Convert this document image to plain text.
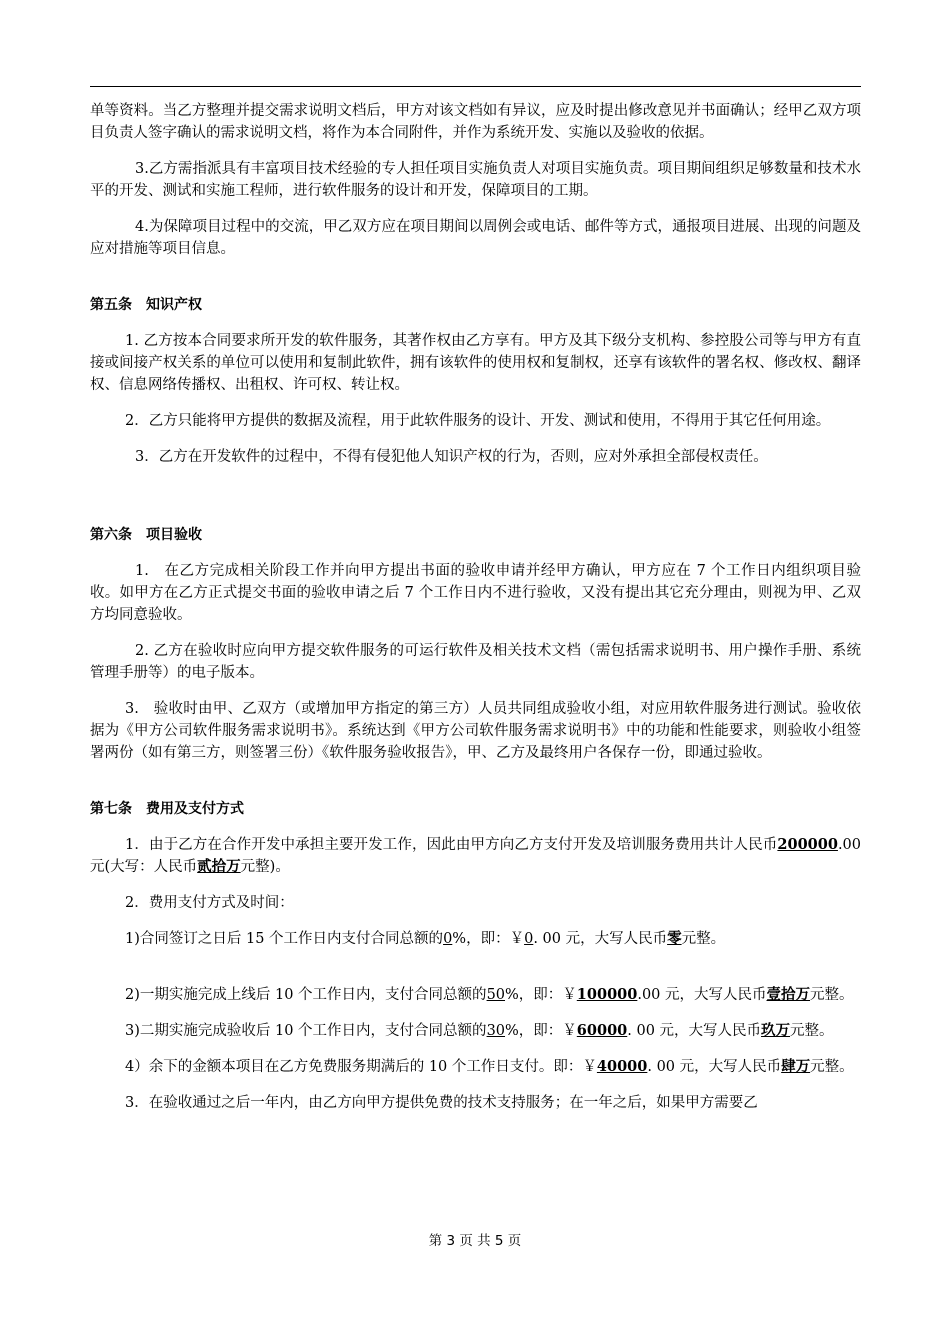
单等资料。当乙方整理并提交需求说明文档后，甲方对该文档如有异议，应及时提出修改意见并书面确认；经甲乙双方项目负责人签字确认的需求说明文档，将作为本合同附件，并作为系统开发、实施以及验收的依据。

3.乙方需指派具有丰富项目技术经验的专人担任项目实施负责人对项目实施负责。项目期间组织足够数量和技术水平的开发、测试和实施工程师，进行软件服务的设计和开发，保障项目的工期。

4.为保障项目过程中的交流，甲乙双方应在项目期间以周例会或电话、邮件等方式，通报项目进展、出现的问题及应对措施等项目信息。

第五条　知识产权

1. 乙方按本合同要求所开发的软件服务，其著作权由乙方享有。甲方及其下级分支机构、参控股公司等与甲方有直接或间接产权关系的单位可以使用和复制此软件，拥有该软件的使用权和复制权，还享有该软件的署名权、修改权、翻译权、信息网络传播权、出租权、许可权、转让权。

2．乙方只能将甲方提供的数据及流程，用于此软件服务的设计、开发、测试和使用，不得用于其它任何用途。

3．乙方在开发软件的过程中，不得有侵犯他人知识产权的行为，否则，应对外承担全部侵权责任。

第六条　项目验收

1.　在乙方完成相关阶段工作并向甲方提出书面的验收申请并经甲方确认，甲方应在 7 个工作日内组织项目验收。如甲方在乙方正式提交书面的验收申请之后 7 个工作日内不进行验收，又没有提出其它充分理由，则视为甲、乙双方均同意验收。

2. 乙方在验收时应向甲方提交软件服务的可运行软件及相关技术文档（需包括需求说明书、用户操作手册、系统管理手册等）的电子版本。

3.　验收时由甲、乙双方（或增加甲方指定的第三方）人员共同组成验收小组，对应用软件服务进行测试。验收依据为《甲方公司软件服务需求说明书》。系统达到《甲方公司软件服务需求说明书》中的功能和性能要求，则验收小组签署两份（如有第三方，则签署三份）《软件服务验收报告》，甲、乙方及最终用户各保存一份，即通过验收。

第七条　费用及支付方式

1．由于乙方在合作开发中承担主要开发工作，因此由甲方向乙方支付开发及培训服务费用共计人民币200000.00 元(大写：人民币贰拾万元整)。

2．费用支付方式及时间：

1)合同签订之日后 15 个工作日内支付合同总额的0%，即：￥0. 00 元，大写人民币零元整。

2)一期实施完成上线后 10 个工作日内，支付合同总额的50%，即：￥100000.00 元，大写人民币壹拾万元整。

3)二期实施完成验收后 10 个工作日内，支付合同总额的30%，即：￥60000. 00 元，大写人民币玖万元整。

4）余下的金额本项目在乙方免费服务期满后的 10 个工作日支付。即：￥40000. 00 元，大写人民币肆万元整。

3．在验收通过之后一年内，由乙方向甲方提供免费的技术支持服务；在一年之后，如果甲方需要乙

第 3 页 共 5 页
